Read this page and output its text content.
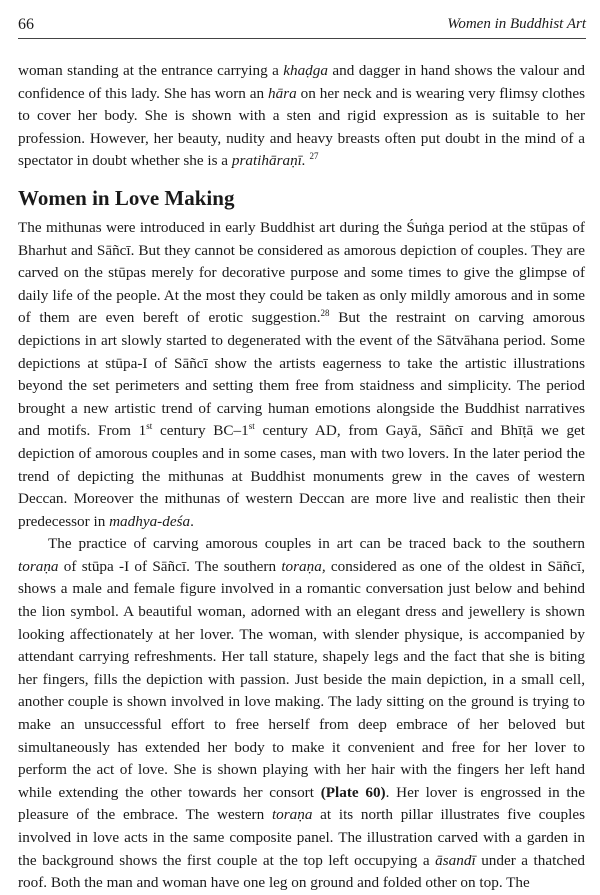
66	Women in Buddhist Art

woman standing at the entrance carrying a khaḍga and dagger in hand shows the valour and confidence of this lady. She has worn an hāra on her neck and is wearing very flimsy clothes to cover her body. She is shown with a sten and rigid expression as is suitable to her profession. However, her beauty, nudity and heavy breasts often put doubt in the mind of a spectator in doubt whether she is a pratihāraṇī. $^{27}$

Women in Love Making

The mithunas were introduced in early Buddhist art during the Śuṅga period at the stūpas of Bharhut and Sāñcī. But they cannot be considered as amorous depiction of couples. They are carved on the stūpas merely for decorative purpose and some times to give the glimpse of daily life of the people. At the most they could be taken as only mildly amorous and in some of them are even bereft of erotic suggestion.$^{28}$ But the restraint on carving amorous depictions in art slowly started to degenerated with the event of the Sātvāhana period. Some depictions at stūpa-I of Sāñcī show the artists eagerness to take the artistic illustrations beyond the set perimeters and setting them free from staidness and simplicity. The period brought a new artistic trend of carving human emotions alongside the Buddhist narratives and motifs. From 1st century BC–1st century AD, from Gayā, Sāñcī and Bhīṭā we get depiction of amorous couples and in some cases, man with two lovers. In the later period the trend of depicting the mithunas at Buddhist monuments grew in the caves of western Deccan. Moreover the mithunas of western Deccan are more live and realistic then their predecessor in madhya-deśa.

The practice of carving amorous couples in art can be traced back to the southern toraṇa of stūpa -I of Sāñcī. The southern toraṇa, considered as one of the oldest in Sāñcī, shows a male and female figure involved in a romantic conversation just below and behind the lion symbol. A beautiful woman, adorned with an elegant dress and jewellery is shown looking affectionately at her lover. The woman, with slender physique, is accompanied by attendant carrying refreshments. Her tall stature, shapely legs and the fact that she is biting her fingers, fills the depiction with passion. Just beside the main depiction, in a small cell, another couple is shown involved in love making. The lady sitting on the ground is trying to make an unsuccessful effort to free herself from deep embrace of her beloved but simultaneously has extended her body to make it convenient and free for her lover to perform the act of love. She is shown playing with her hair with the fingers her left hand while extending the other towards her consort (Plate 60). Her lover is engrossed in the pleasure of the embrace. The western toraṇa at its north pillar illustrates five couples involved in love acts in the same composite panel. The illustration carved with a garden in the background shows the first couple at the top left occupying a āsandī under a thatched roof. Both the man and woman have one leg on ground and folded other on top. The
